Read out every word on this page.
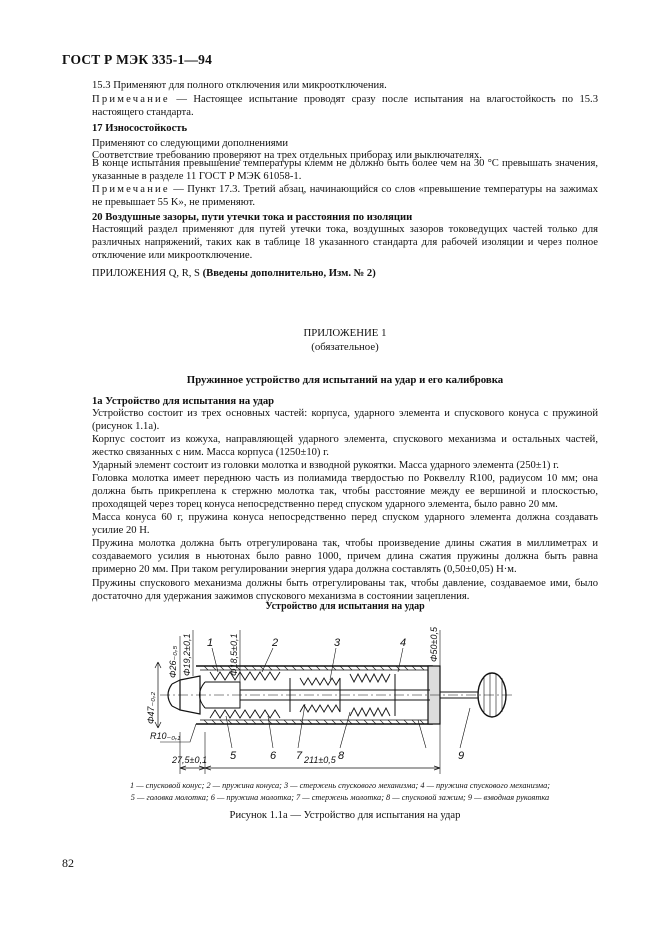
ГОСТ Р МЭК 335-1—94
15.3 Применяют для полного отключения или микроотключения.
Примечание — Настоящее испытание проводят сразу после испытания на влагостойкость по 15.3 настоящего стандарта.
17 Износостойкость
Применяют со следующими дополнениями
Соответствие требованию проверяют на трех отдельных приборах или выключателях.
В конце испытания превышение температуры клемм не должно быть более чем на 30 °С превышать значения, указанные в разделе 11 ГОСТ Р МЭК 61058-1.
Примечание — Пункт 17.3. Третий абзац, начинающийся со слов «превышение температуры на зажимах не превышает 55 K», не применяют.
20 Воздушные зазоры, пути утечки тока и расстояния по изоляции
Настоящий раздел применяют для путей утечки тока, воздушных зазоров токоведущих частей только для различных напряжений, таких как в таблице 18 указанного стандарта для рабочей изоляции и через полное отключение или микроотключение.
ПРИЛОЖЕНИЯ Q, R, S (Введены дополнительно, Изм. № 2)
ПРИЛОЖЕНИЕ 1
(обязательное)
Пружинное устройство для испытаний на удар и его калибровка
1a Устройство для испытания на удар
Устройство состоит из трех основных частей: корпуса, ударного элемента и спускового конуса с пружиной (рисунок 1.1a).
Корпус состоит из кожуха, направляющей ударного элемента, спускового механизма и остальных частей, жестко связанных с ним. Масса корпуса (1250±10) г.
Ударный элемент состоит из головки молотка и взводной рукоятки. Масса ударного элемента (250±1) г.
Головка молотка имеет переднюю часть из полиамида твердостью по Роквеллу R100, радиусом 10 мм; она должна быть прикреплена к стержню молотка так, чтобы расстояние между ее вершиной и плоскостью, проходящей через торец конуса непосредственно перед спуском ударного элемента, было равно 20 мм.
Масса конуса 60 г, пружина конуса непосредственно перед спуском ударного элемента должна создавать усилие 20 Н.
Пружина молотка должна быть отрегулирована так, чтобы произведение длины сжатия в миллиметрах и создаваемого усилия в ньютонах было равно 1000, причем длина сжатия пружины должна быть равна примерно 20 мм. При таком регулировании энергия удара должна составлять (0,50±0,05) Н·м.
Пружины спускового механизма должны быть отрегулированы так, чтобы давление, создаваемое ими, было достаточно для удержания зажимов спускового механизма в состоянии зацепления.
Устройство для испытания на удар
Φ26₋₀,₅ Φ19,2±0,1	Φ18,5±0,1	Φ50±0,5
Φ47₋₀,₂
R10₋₀,₁
27,5±0,1	211±0,5
1	2	3	4
5	6 7	8	9
1 — спусковой конус; 2 — пружина конуса; 3 — стержень спускового механизма; 4 — пружина спускового механизма;
5 — головка молотка; 6 — пружина молотка; 7 — стержень молотка; 8 — спусковой зажим; 9 — взводная рукоятка
Рисунок 1.1а — Устройство для испытания на удар
82
